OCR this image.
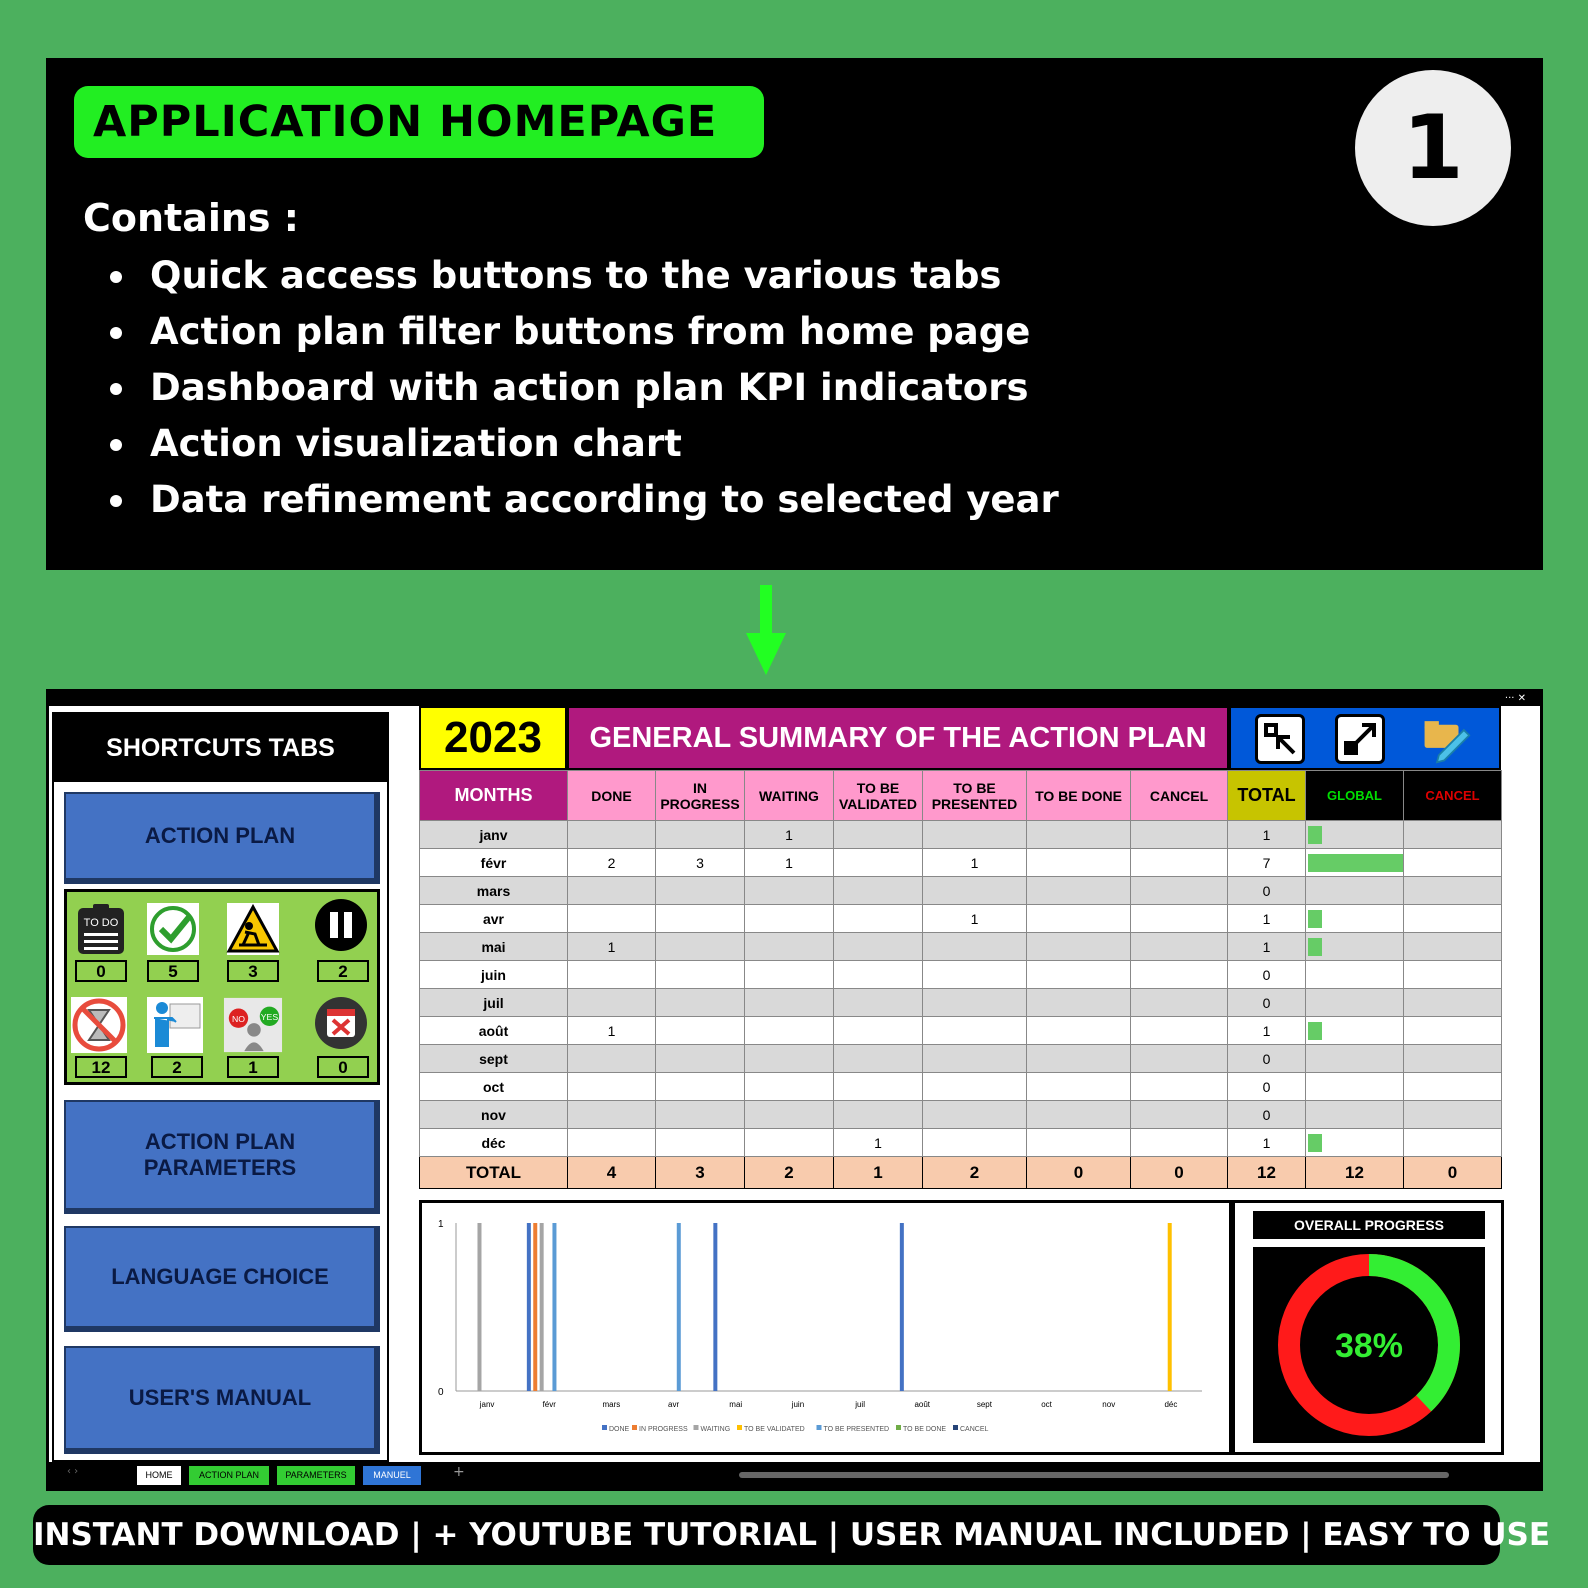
APPLICATION HOMEPAGE	1
Contains :
Quick access buttons to the various tabs
Action plan filter buttons from home page
Dashboard with action plan KPI indicators
Action visualization chart
Data refinement according to selected year
··· ✕
SHORTCUTS TABS
ACTION PLAN
TO DO
0	5	3	2
12	2
NO YES
1	0
ACTION PLAN PARAMETERS
LANGUAGE CHOICE
USER'S MANUAL
2023	GENERAL SUMMARY OF THE ACTION PLAN
MONTHS	DONE	IN PROGRESS	WAITING	TO BE VALIDATED	TO BE PRESENTED	TO BE DONE	CANCEL	TOTAL	GLOBAL	CANCEL
janv			1					1	

févr	2	3	1		1			7	

mars								0	

avr					1			1	

mai	1							1	

juin								0	

juil								0	

août	1							1	

sept								0	

oct								0	

nov								0	

déc				1				1	

TOTAL	4	3	2	1	2	0	0	12	12	0
1
0
janv	févr	mars	avr	mai	juin	juil	août	sept	oct	nov	déc
DONE IN PROGRESS WAITING TO BE VALIDATED	TO BE PRESENTED TO BE DONE CANCEL
OVERALL PROGRESS
38%
‹ ›	HOME	ACTION PLAN	PARAMETERS	MANUEL	+
INSTANT DOWNLOAD | + YOUTUBE TUTORIAL | USER MANUAL INCLUDED | EASY TO USE
